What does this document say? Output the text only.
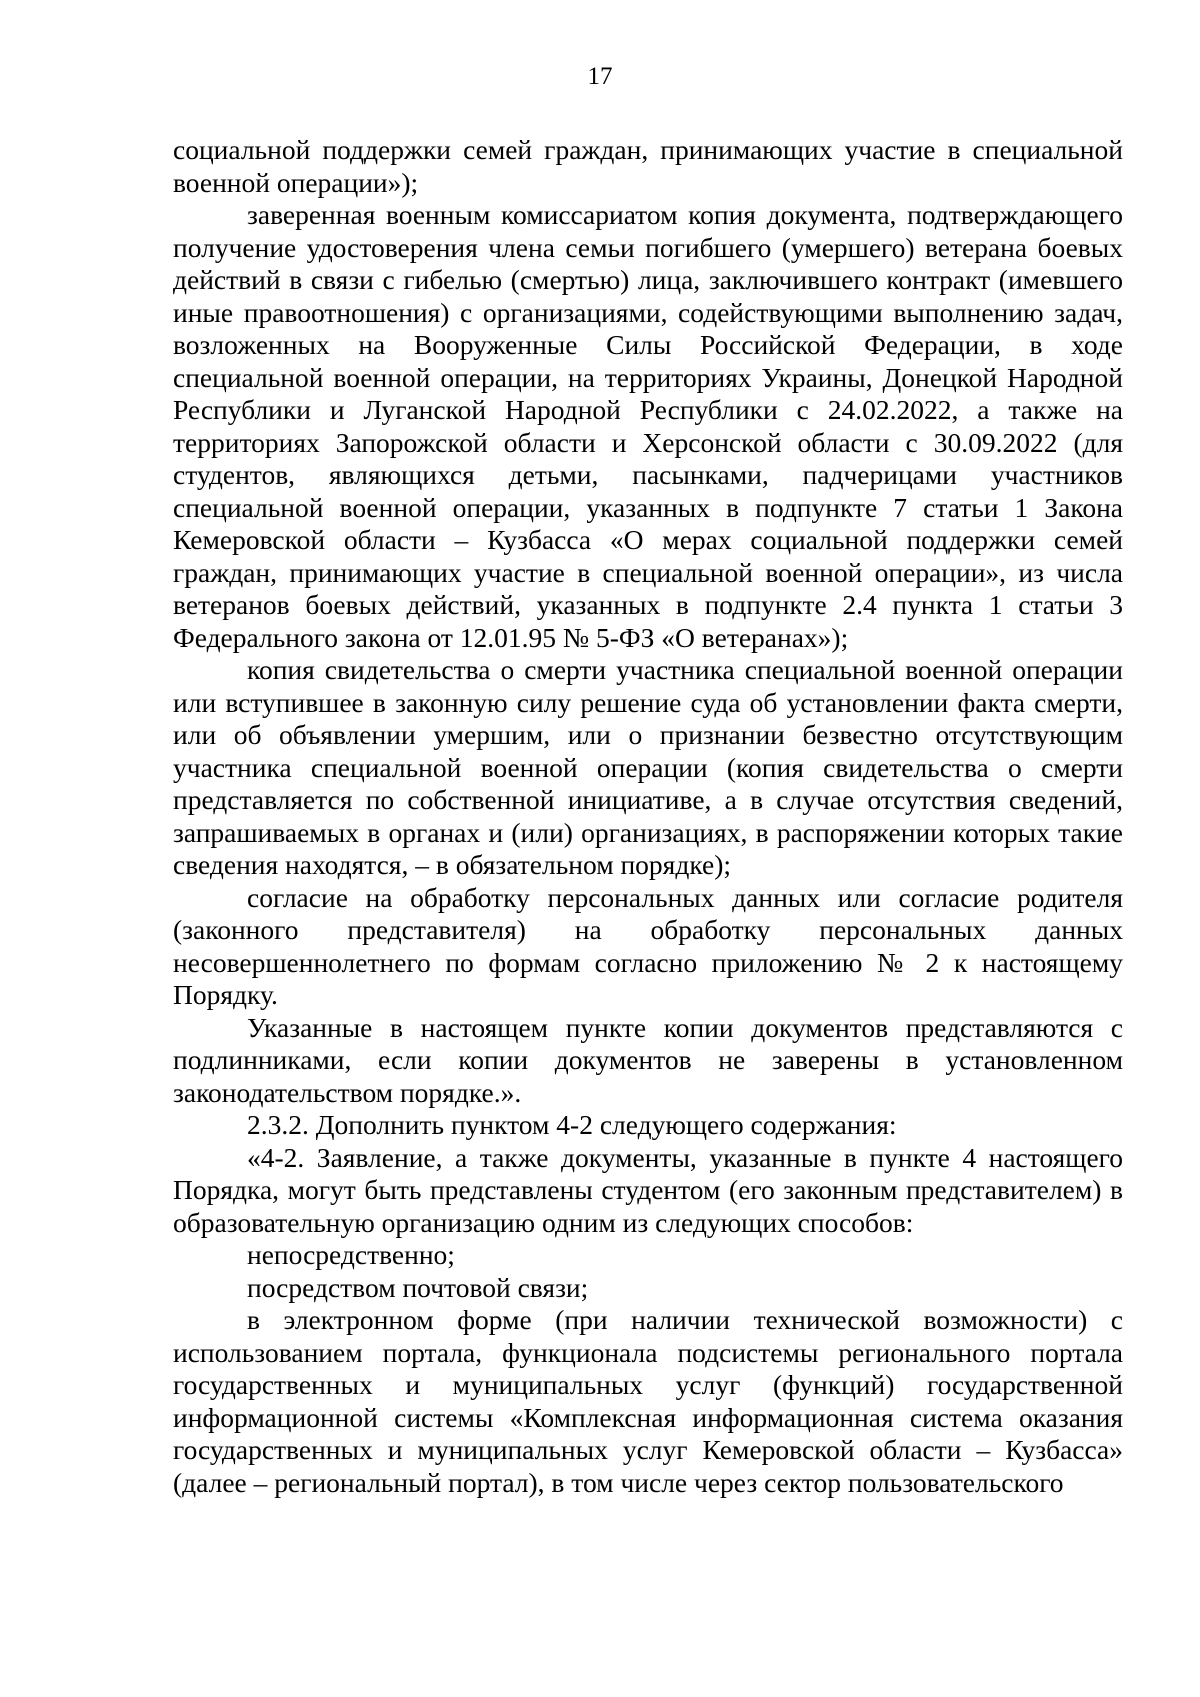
17

социальной поддержки семей граждан, принимающих участие в специальной военной операции»);

заверенная военным комиссариатом копия документа, подтверждающего получение удостоверения члена семьи погибшего (умершего) ветерана боевых действий в связи с гибелью (смертью) лица, заключившего контракт (имевшего иные правоотношения) с организациями, содействующими выполнению задач, возложенных на Вооруженные Силы Российской Федерации, в ходе специальной военной операции, на территориях Украины, Донецкой Народной Республики и Луганской Народной Республики с 24.02.2022, а также на территориях Запорожской области и Херсонской области с 30.09.2022 (для студентов, являющихся детьми, пасынками, падчерицами участников специальной военной операции, указанных в подпункте 7 статьи 1 Закона Кемеровской области – Кузбасса «О мерах социальной поддержки семей граждан, принимающих участие в специальной военной операции», из числа ветеранов боевых действий, указанных в подпункте 2.4 пункта 1 статьи 3 Федерального закона от 12.01.95 № 5-ФЗ «О ветеранах»);

копия свидетельства о смерти участника специальной военной операции или вступившее в законную силу решение суда об установлении факта смерти, или об объявлении умершим, или о признании безвестно отсутствующим участника специальной военной операции (копия свидетельства о смерти представляется по собственной инициативе, а в случае отсутствия сведений, запрашиваемых в органах и (или) организациях, в распоряжении которых такие сведения находятся, – в обязательном порядке);

согласие на обработку персональных данных или согласие родителя (законного представителя) на обработку персональных данных несовершеннолетнего по формам согласно приложению № 2 к настоящему Порядку.

Указанные в настоящем пункте копии документов представляются с подлинниками, если копии документов не заверены в установленном законодательством порядке.».

2.3.2. Дополнить пунктом 4-2 следующего содержания:

«4-2. Заявление, а также документы, указанные в пункте 4 настоящего Порядка, могут быть представлены студентом (его законным представителем) в образовательную организацию одним из следующих способов:

непосредственно;

посредством почтовой связи;

в электронном форме (при наличии технической возможности) с использованием портала, функционала подсистемы регионального портала государственных и муниципальных услуг (функций) государственной информационной системы «Комплексная информационная система оказания государственных и муниципальных услуг Кемеровской области – Кузбасса» (далее – региональный портал), в том числе через сектор пользовательского
